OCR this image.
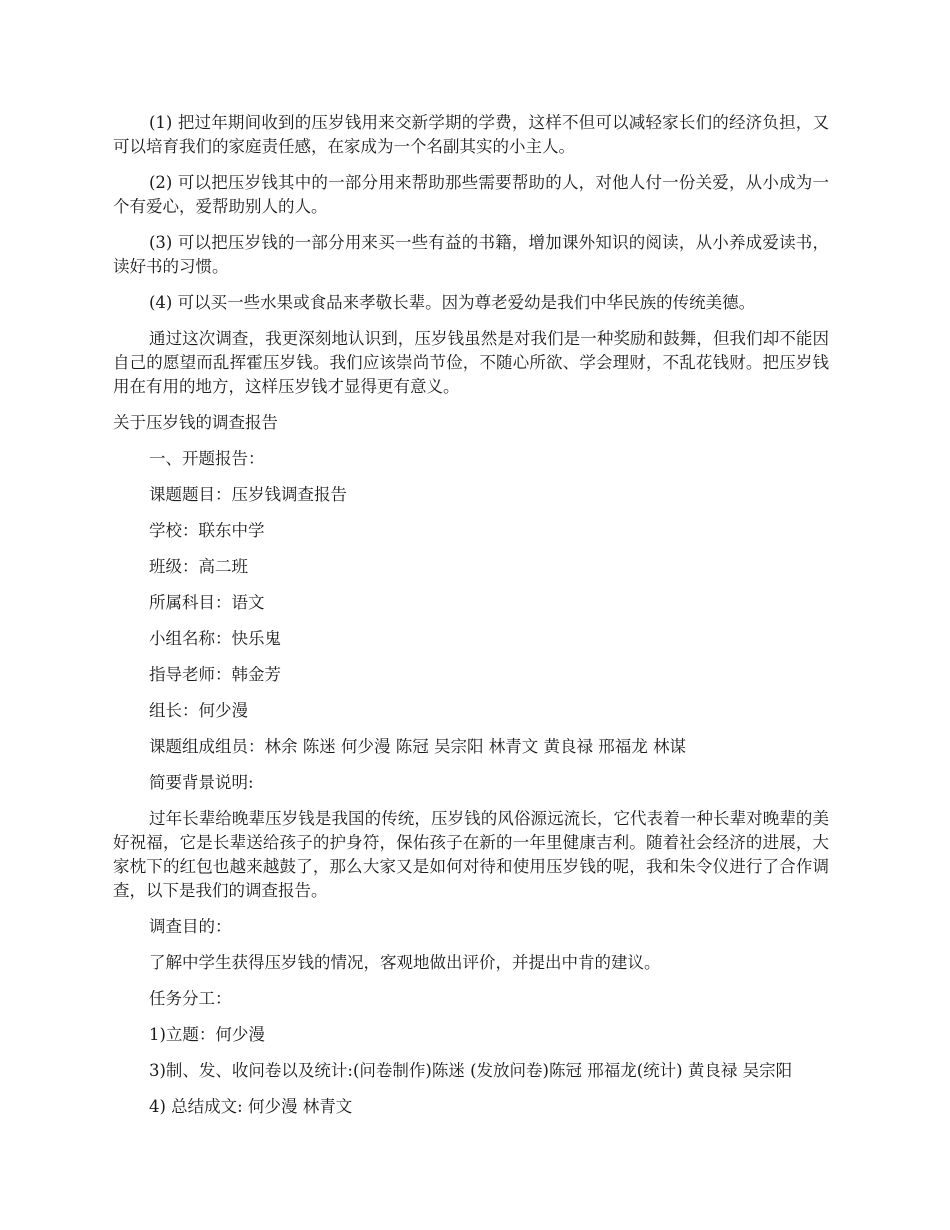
(1) 把过年期间收到的压岁钱用来交新学期的学费，这样不但可以减轻家长们的经济负担，又可以培育我们的家庭责任感，在家成为一个名副其实的小主人。

(2) 可以把压岁钱其中的一部分用来帮助那些需要帮助的人，对他人付一份关爱，从小成为一个有爱心，爱帮助别人的人。

(3) 可以把压岁钱的一部分用来买一些有益的书籍，增加课外知识的阅读，从小养成爱读书，读好书的习惯。

(4) 可以买一些水果或食品来孝敬长辈。因为尊老爱幼是我们中华民族的传统美德。

通过这次调查，我更深刻地认识到，压岁钱虽然是对我们是一种奖励和鼓舞，但我们却不能因自己的愿望而乱挥霍压岁钱。我们应该崇尚节俭，不随心所欲、学会理财，不乱花钱财。把压岁钱用在有用的地方，这样压岁钱才显得更有意义。

关于压岁钱的调查报告

一、开题报告：

课题题目：压岁钱调查报告

学校：联东中学

班级：高二班

所属科目：语文

小组名称：快乐鬼

指导老师：韩金芳

组长：何少漫

课题组成组员：林余 陈迷 何少漫 陈冠 吴宗阳 林青文 黄良禄 邢福龙 林谋

简要背景说明:

过年长辈给晚辈压岁钱是我国的传统，压岁钱的风俗源远流长，它代表着一种长辈对晚辈的美好祝福，它是长辈送给孩子的护身符，保佑孩子在新的一年里健康吉利。随着社会经济的进展，大家枕下的红包也越来越鼓了，那么大家又是如何对待和使用压岁钱的呢，我和朱令仪进行了合作调查，以下是我们的调查报告。

调查目的：

了解中学生获得压岁钱的情况，客观地做出评价，并提出中肯的建议。

任务分工：

1)立题：何少漫

3)制、发、收问卷以及统计:(问卷制作)陈迷 (发放问卷)陈冠 邢福龙(统计) 黄良禄 吴宗阳

4) 总结成文: 何少漫 林青文
